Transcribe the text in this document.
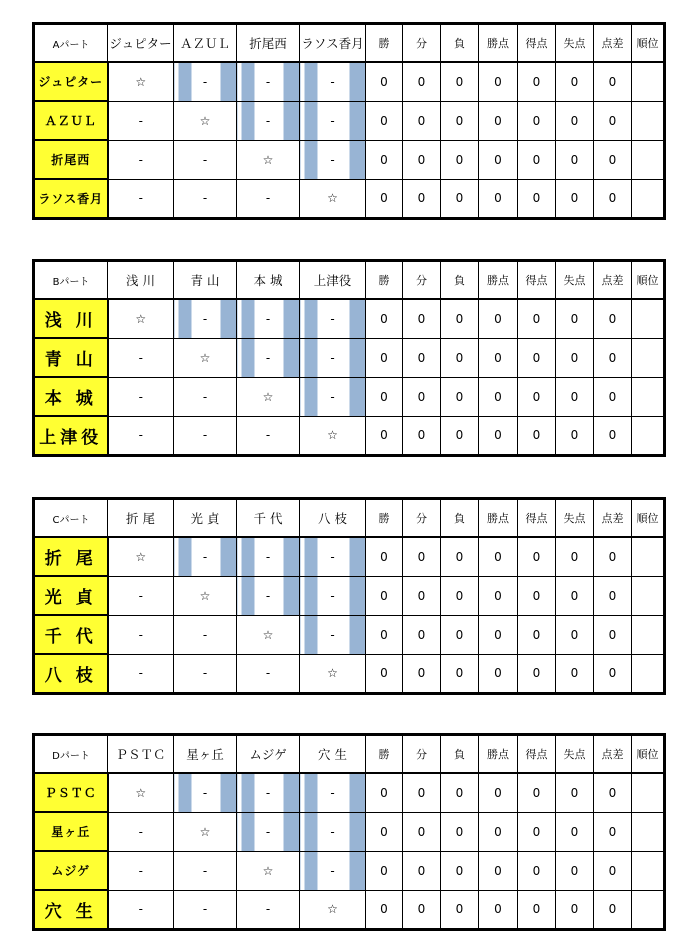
Aパート	ジュピター	ＡＺＵＬ	折尾西	ラソス香月	勝	分	負	勝点	得点	失点	点差	順位
ジュピター	☆	-	-	-	0	0	0	0	0	0	0	
ＡＺＵＬ	-	☆	-	-	0	0	0	0	0	0	0	
折尾西	-	-	☆	-	0	0	0	0	0	0	0	
ラソス香月	-	-	-	☆	0	0	0	0	0	0	0	
Bパート	浅 川	青 山	本 城	上津役	勝	分	負	勝点	得点	失点	点差	順位
浅 川	☆	-	-	-	0	0	0	0	0	0	0	
青 山	-	☆	-	-	0	0	0	0	0	0	0	
本 城	-	-	☆	-	0	0	0	0	0	0	0	
上津役	-	-	-	☆	0	0	0	0	0	0	0	
Cパート	折 尾	光 貞	千 代	八 枝	勝	分	負	勝点	得点	失点	点差	順位
折 尾	☆	-	-	-	0	0	0	0	0	0	0	
光 貞	-	☆	-	-	0	0	0	0	0	0	0	
千 代	-	-	☆	-	0	0	0	0	0	0	0	
八 枝	-	-	-	☆	0	0	0	0	0	0	0	
Dパート	ＰＳＴＣ	星ヶ丘	ムジゲ	穴 生	勝	分	負	勝点	得点	失点	点差	順位
ＰＳＴＣ	☆	-	-	-	0	0	0	0	0	0	0	
星ヶ丘	-	☆	-	-	0	0	0	0	0	0	0	
ムジゲ	-	-	☆	-	0	0	0	0	0	0	0	
穴 生	-	-	-	☆	0	0	0	0	0	0	0	
